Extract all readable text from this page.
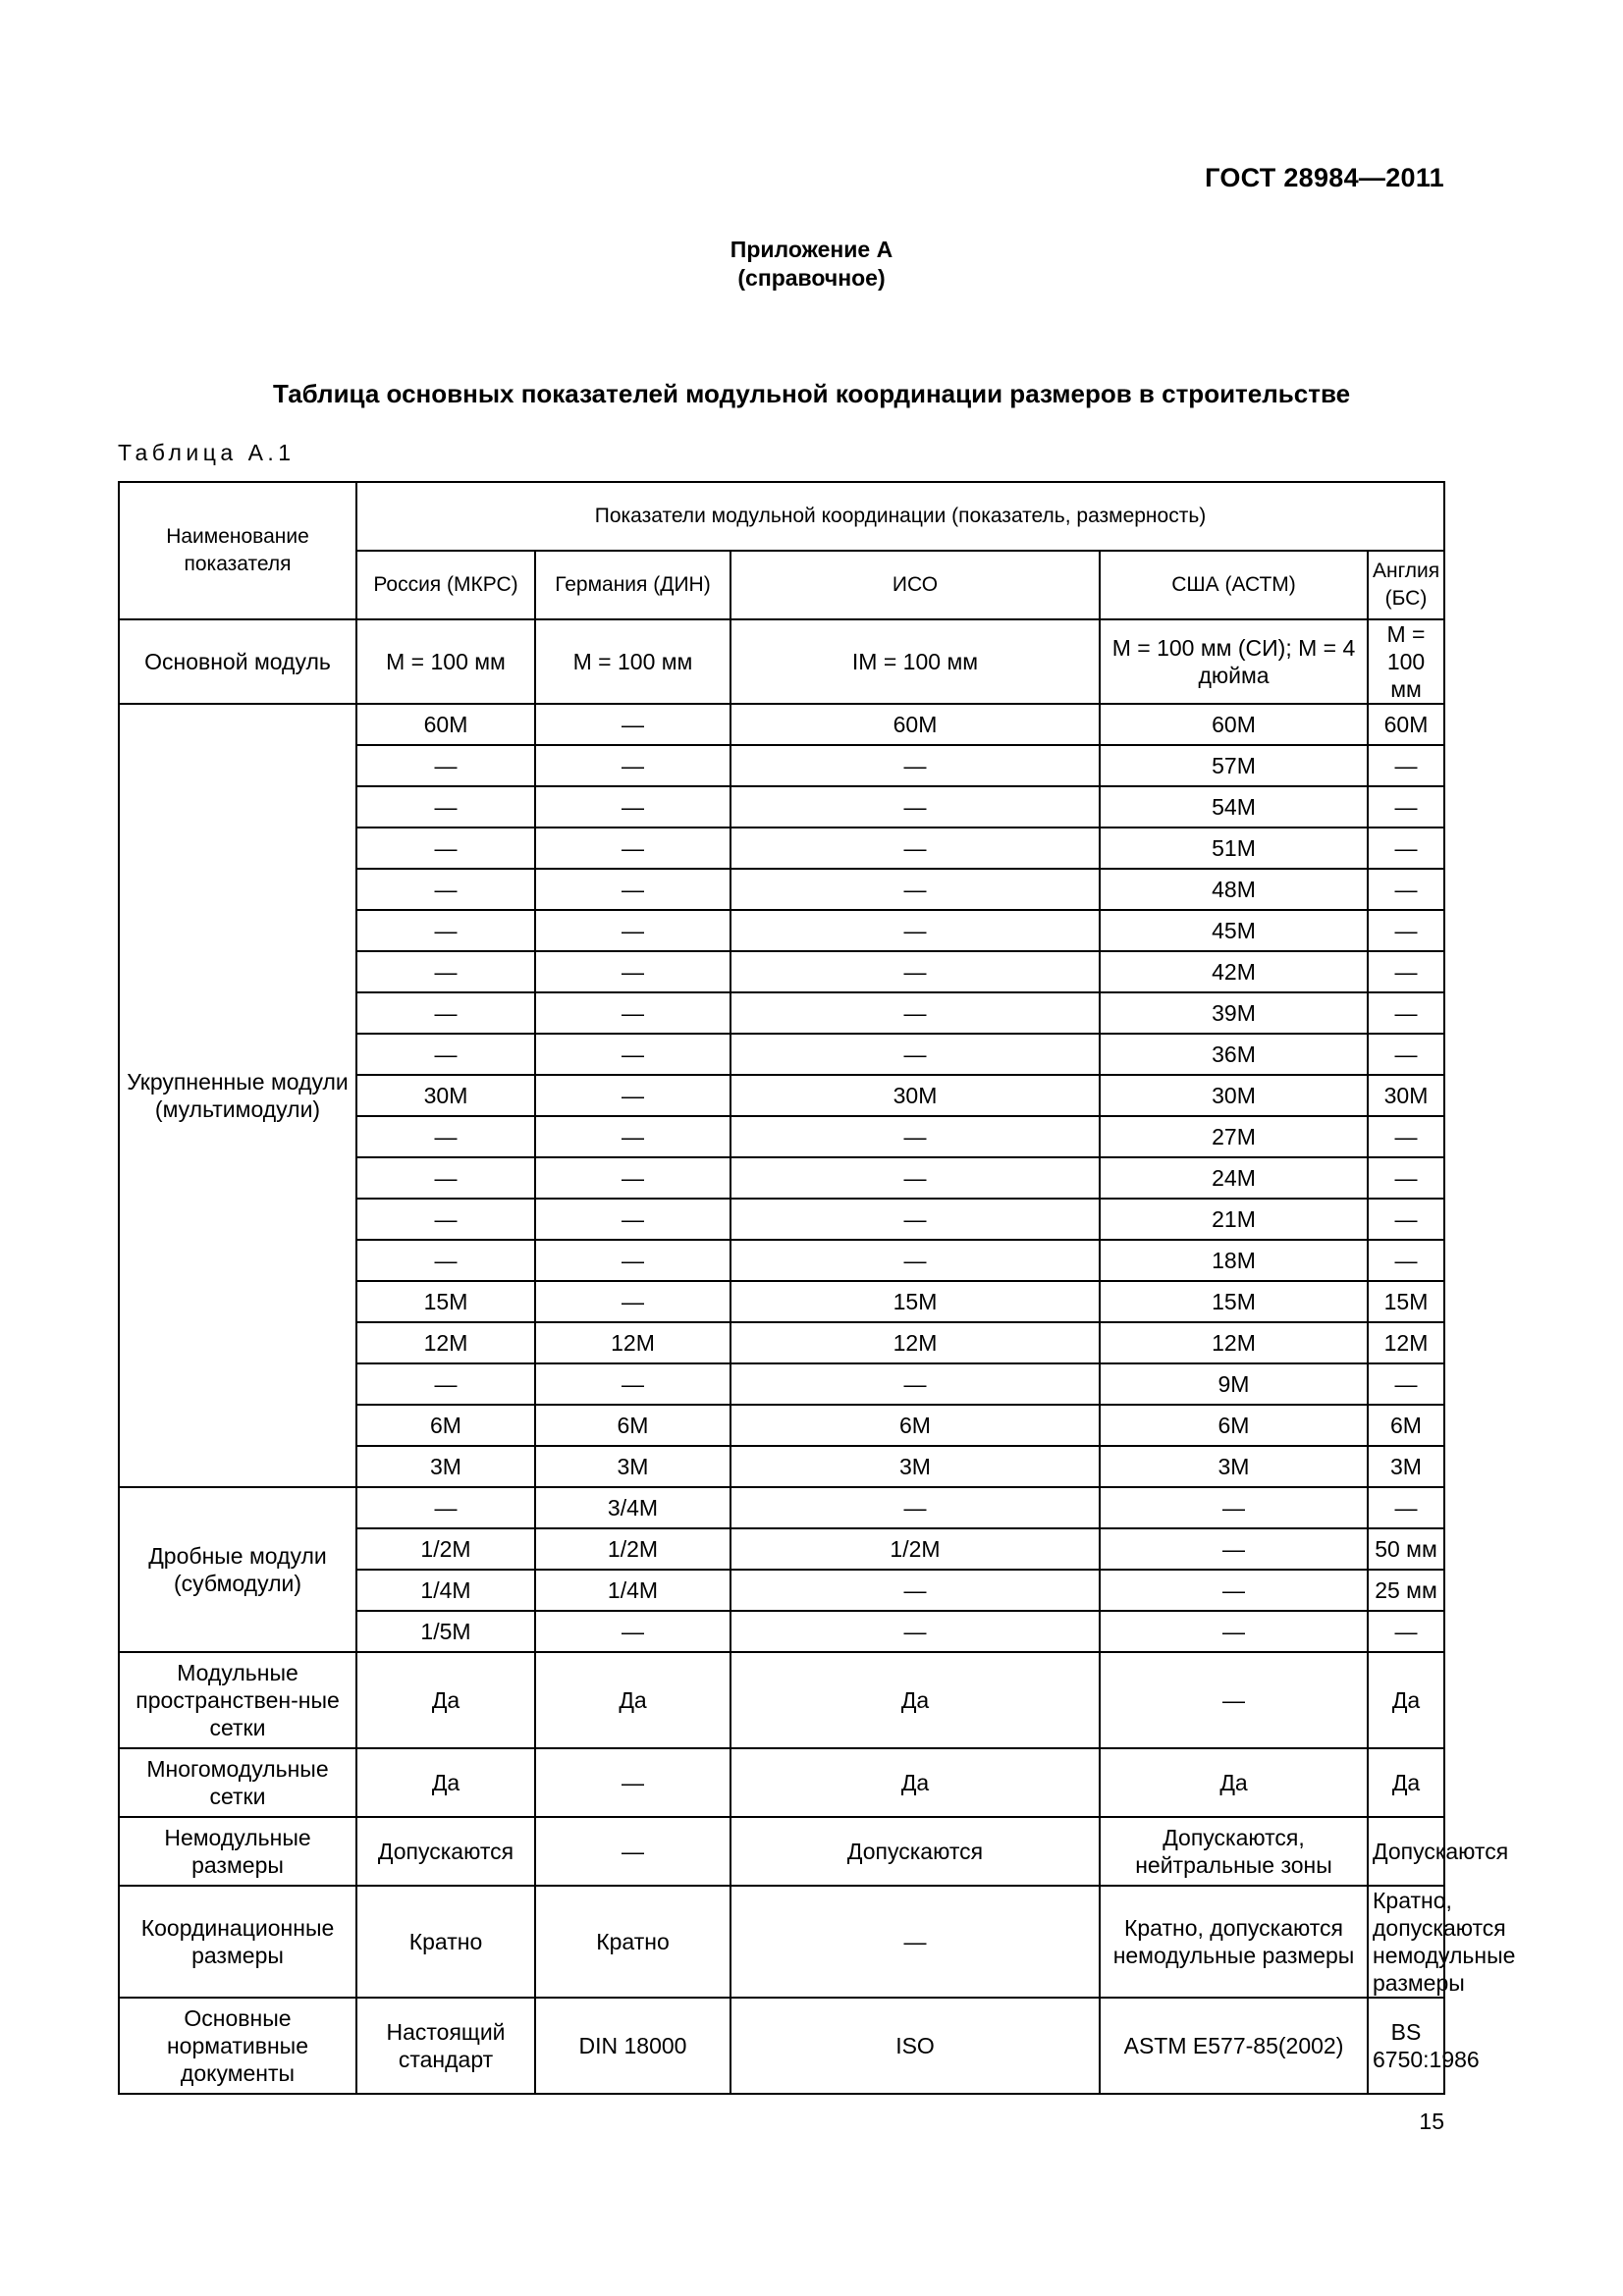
ГОСТ 28984—2011
Приложение А
(справочное)
Таблица основных показателей модульной координации размеров в строительстве
Таблица А.1
Наименование показателя	Показатели модульной координации (показатель, размерность)				
	Россия (МКРС)	Германия (ДИН)	ИСО	США (АСТМ)	Англия (БС)
Основной модуль	М = 100 мм	М = 100 мм	IМ = 100 мм	М = 100 мм (СИ); М = 4 дюйма	М = 100 мм
Укрупненные модули (мультимодули)	60М	—	60М	60М	60М
	—	—	—	57М	—
	—	—	—	54М	—
	—	—	—	51М	—
	—	—	—	48М	—
	—	—	—	45М	—
	—	—	—	42М	—
	—	—	—	39М	—
	—	—	—	36М	—
	30М	—	30М	30М	30М
	—	—	—	27М	—
	—	—	—	24М	—
	—	—	—	21М	—
	—	—	—	18М	—
	15М	—	15М	15М	15М
	12М	12М	12М	12М	12М
	—	—	—	9М	—
	6М	6М	6М	6М	6М
	3М	3М	3М	3М	3М
Дробные модули (субмодули)	—	3/4М	—	—	—
	1/2М	1/2М	1/2М	—	50 мм
	1/4М	1/4М	—	—	25 мм
	1/5М	—	—	—	—
Модульные пространствен-ные сетки	Да	Да	Да	—	Да
Многомодульные сетки	Да	—	Да	Да	Да
Немодульные размеры	Допускаются	—	Допускаются	Допускаются, нейтральные зоны	Допускаются
Координационные размеры	Кратно	Кратно	—	Кратно, допускаются немодульные размеры	Кратно, допускаются немодульные размеры
Основные нормативные документы	Настоящий стандарт	DIN 18000	ISO	ASTM E577-85(2002)	BS 6750:1986
15
